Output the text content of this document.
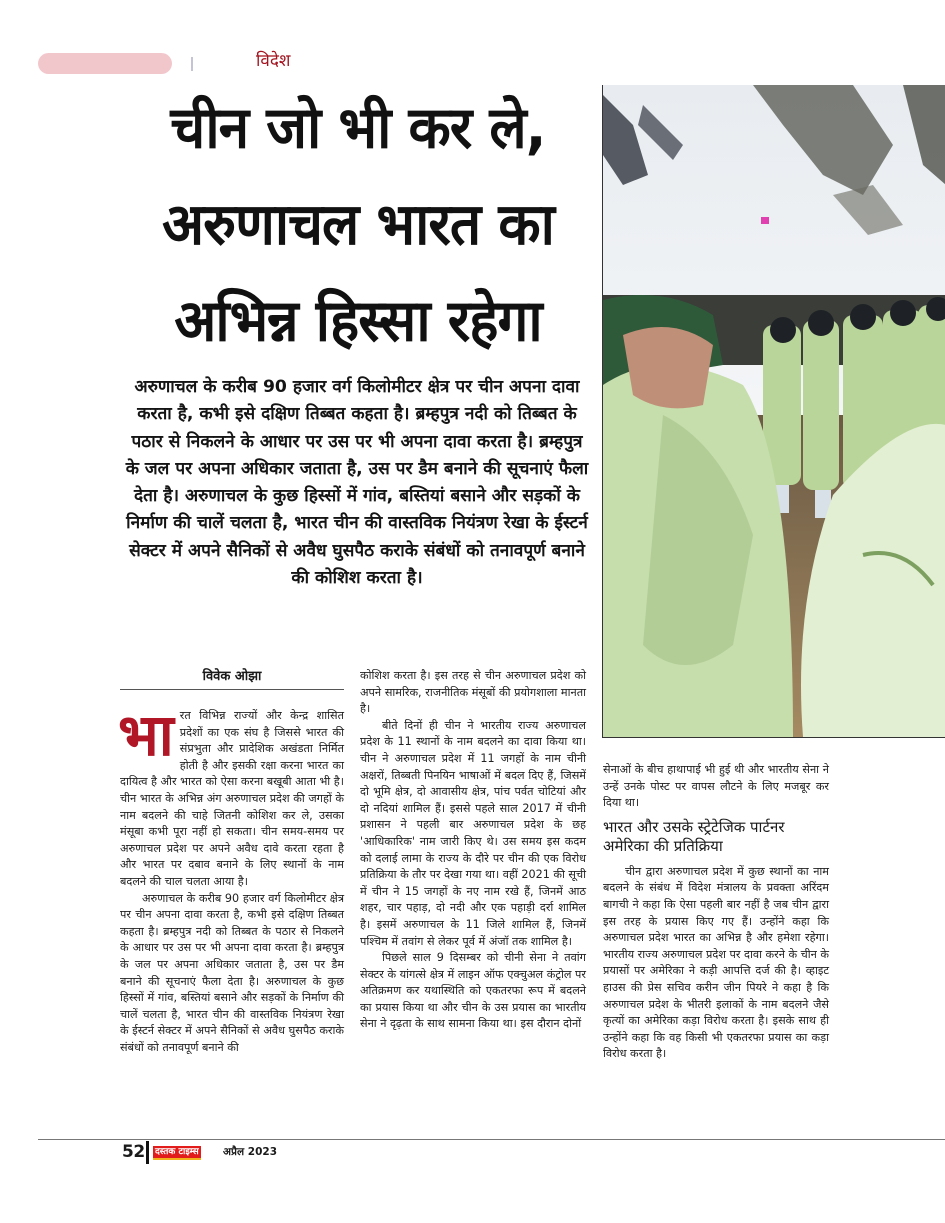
विदेश
चीन जो भी कर ले,
अरुणाचल भारत का
अभिन्न हिस्सा रहेगा
अरुणाचल के करीब 90 हजार वर्ग किलोमीटर क्षेत्र पर चीन अपना दावा करता है, कभी इसे दक्षिण तिब्बत कहता है। ब्रम्हपुत्र नदी को तिब्बत के पठार से निकलने के आधार पर उस पर भी अपना दावा करता है। ब्रम्हपुत्र के जल पर अपना अधिकार जताता है, उस पर डैम बनाने की सूचनाएं फैला देता है। अरुणाचल के कुछ हिस्सों में गांव, बस्तियां बसाने और सड़कों के निर्माण की चालें चलता है, भारत चीन की वास्तविक नियंत्रण रेखा के ईस्टर्न सेक्टर में अपने सैनिकों से अवैध घुसपैठ कराके संबंधों को तनावपूर्ण बनाने की कोशिश करता है।
विवेक ओझा
भा रत विभिन्न राज्यों और केन्द्र शासित प्रदेशों का एक संघ है जिससे भारत की संप्रभुता और प्रादेशिक अखंडता निर्मित होती है और इसकी रक्षा करना भारत का दायित्व है और भारत को ऐसा करना बखूबी आता भी है। चीन भारत के अभिन्न अंग अरुणाचल प्रदेश की जगहों के नाम बदलने की चाहे जितनी कोशिश कर ले, उसका मंसूबा कभी पूरा नहीं हो सकता। चीन समय-समय पर अरुणाचल प्रदेश पर अपने अवैध दावे करता रहता है और भारत पर दबाव बनाने के लिए स्थानों के नाम बदलने की चाल चलता आया है।

अरुणाचल के करीब 90 हजार वर्ग किलोमीटर क्षेत्र पर चीन अपना दावा करता है, कभी इसे दक्षिण तिब्बत कहता है। ब्रम्हपुत्र नदी को तिब्बत के पठार से निकलने के आधार पर उस पर भी अपना दावा करता है। ब्रम्हपुत्र के जल पर अपना अधिकार जताता है, उस पर डैम बनाने की सूचनाएं फैला देता है। अरुणाचल के कुछ हिस्सों में गांव, बस्तियां बसाने और सड़कों के निर्माण की चालें चलता है, भारत चीन की वास्तविक नियंत्रण रेखा के ईस्टर्न सेक्टर में अपने सैनिकों से अवैध घुसपैठ कराके संबंधों को तनावपूर्ण बनाने की

कोशिश करता है। इस तरह से चीन अरुणाचल प्रदेश को अपने सामरिक, राजनीतिक मंसूबों की प्रयोगशाला मानता है।

बीते दिनों ही चीन ने भारतीय राज्य अरुणाचल प्रदेश के 11 स्थानों के नाम बदलने का दावा किया था। चीन ने अरुणाचल प्रदेश में 11 जगहों के नाम चीनी अक्षरों, तिब्बती पिनयिन भाषाओं में बदल दिए हैं, जिसमें दो भूमि क्षेत्र, दो आवासीय क्षेत्र, पांच पर्वत चोटियां और दो नदियां शामिल हैं। इससे पहले साल 2017 में चीनी प्रशासन ने पहली बार अरुणाचल प्रदेश के छह 'आधिकारिक' नाम जारी किए थे। उस समय इस कदम को दलाई लामा के राज्य के दौरे पर चीन की एक विरोध प्रतिक्रिया के तौर पर देखा गया था। वहीं 2021 की सूची में चीन ने 15 जगहों के नए नाम रखे हैं, जिनमें आठ शहर, चार पहाड़, दो नदी और एक पहाड़ी दर्रा शामिल है। इसमें अरुणाचल के 11 जिले शामिल हैं, जिनमें पश्चिम में तवांग से लेकर पूर्व में अंजॉ तक शामिल है।

पिछले साल 9 दिसम्बर को चीनी सेना ने तवांग सेक्टर के यांगत्से क्षेत्र में लाइन ऑफ एक्चुअल कंट्रोल पर अतिक्रमण कर यथास्थिति को एकतरफा रूप में बदलने का प्रयास किया था और चीन के उस प्रयास का भारतीय सेना ने दृढ़ता के साथ सामना किया था। इस दौरान दोनों

सेनाओं के बीच हाथापाई भी हुई थी और भारतीय सेना ने उन्हें उनके पोस्ट पर वापस लौटने के लिए मजबूर कर दिया था।

भारत और उसके स्ट्रेटेजिक पार्टनर अमेरिका की प्रतिक्रिया

चीन द्वारा अरुणाचल प्रदेश में कुछ स्थानों का नाम बदलने के संबंध में विदेश मंत्रालय के प्रवक्ता अरिंदम बागची ने कहा कि ऐसा पहली बार नहीं है जब चीन द्वारा इस तरह के प्रयास किए गए हैं। उन्होंने कहा कि अरुणाचल प्रदेश भारत का अभिन्न है और हमेशा रहेगा। भारतीय राज्य अरुणाचल प्रदेश पर दावा करने के चीन के प्रयासों पर अमेरिका ने कड़ी आपत्ति दर्ज की है। व्हाइट हाउस की प्रेस सचिव करीन जीन पियरे ने कहा है कि अरुणाचल प्रदेश के भीतरी इलाकों के नाम बदलने जैसे कृत्यों का अमेरिका कड़ा विरोध करता है। इसके साथ ही उन्होंने कहा कि वह किसी भी एकतरफा प्रयास का कड़ा विरोध करता है।

52 दस्तक टाइम्स अप्रैल 2023
